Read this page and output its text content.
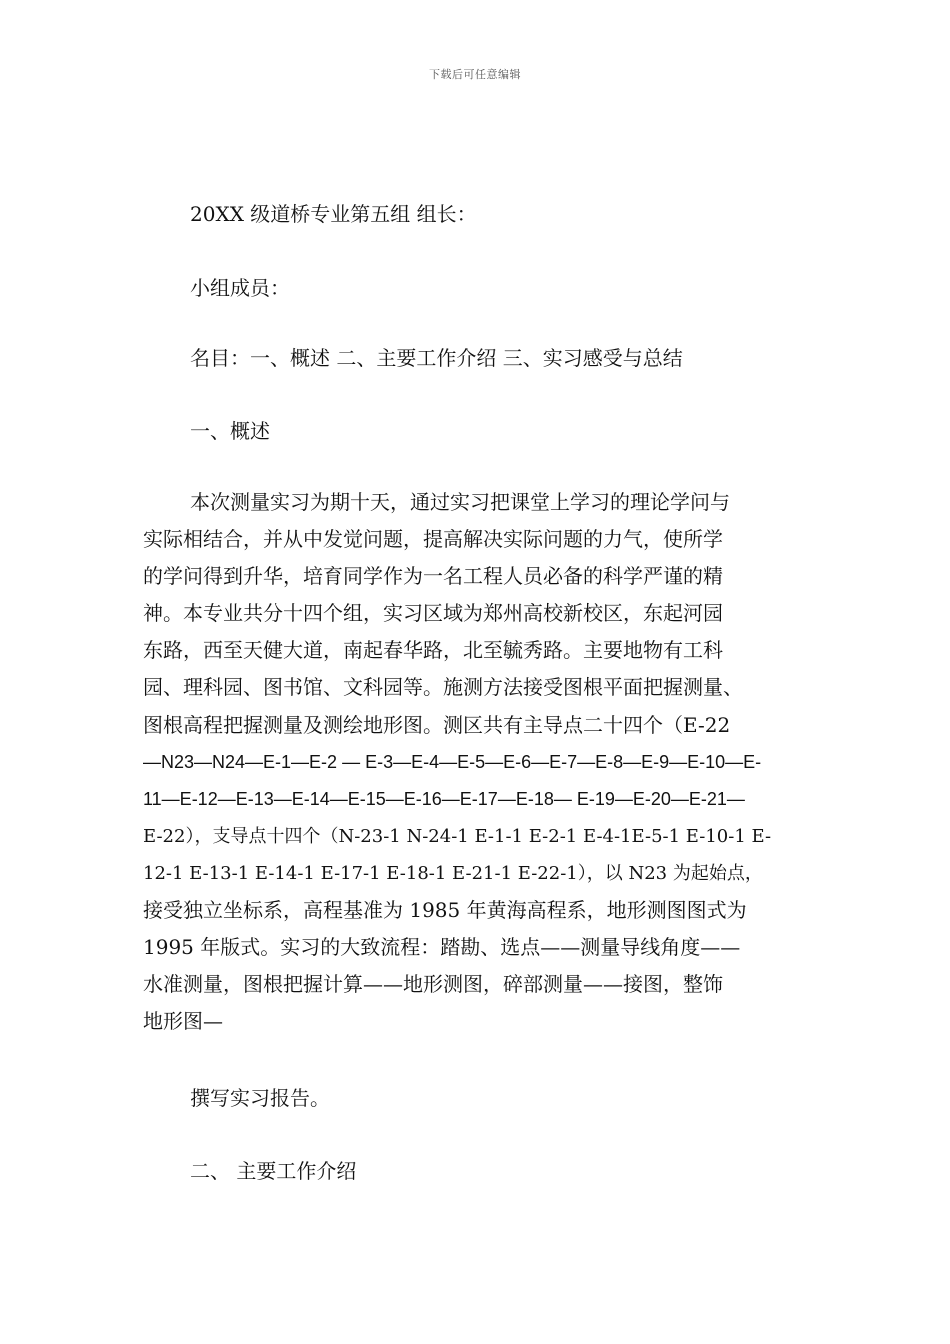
下载后可任意编辑
20XX 级道桥专业第五组 组长：
小组成员：
名目：一、概述 二、主要工作介绍 三、实习感受与总结
一、概述
本次测量实习为期十天，通过实习把课堂上学习的理论学问与
实际相结合，并从中发觉问题，提高解决实际问题的力气，使所学
的学问得到升华，培育同学作为一名工程人员必备的科学严谨的精
神。本专业共分十四个组，实习区域为郑州高校新校区，东起河园
东路，西至天健大道，南起春华路，北至毓秀路。主要地物有工科
园、理科园、图书馆、文科园等。施测方法接受图根平面把握测量、
图根高程把握测量及测绘地形图。测区共有主导点二十四个（E-22
—N23—N24—E-1—E-2 — E-3—E-4—E-5—E-6—E-7—E-8—E-9—E-10—E-
11—E-12—E-13—E-14—E-15—E-16—E-17—E-18— E-19—E-20—E-21—
E-22），支导点十四个（N-23-1 N-24-1 E-1-1 E-2-1 E-4-1E-5-1 E-10-1 E-
12-1 E-13-1 E-14-1 E-17-1 E-18-1 E-21-1 E-22-1），以 N23 为起始点，
接受独立坐标系，高程基准为 1985 年黄海高程系，地形测图图式为
1995 年版式。实习的大致流程：踏勘、选点——测量导线角度——
水准测量，图根把握计算——地形测图，碎部测量——接图，整饰
地形图—
撰写实习报告。
二、 主要工作介绍
